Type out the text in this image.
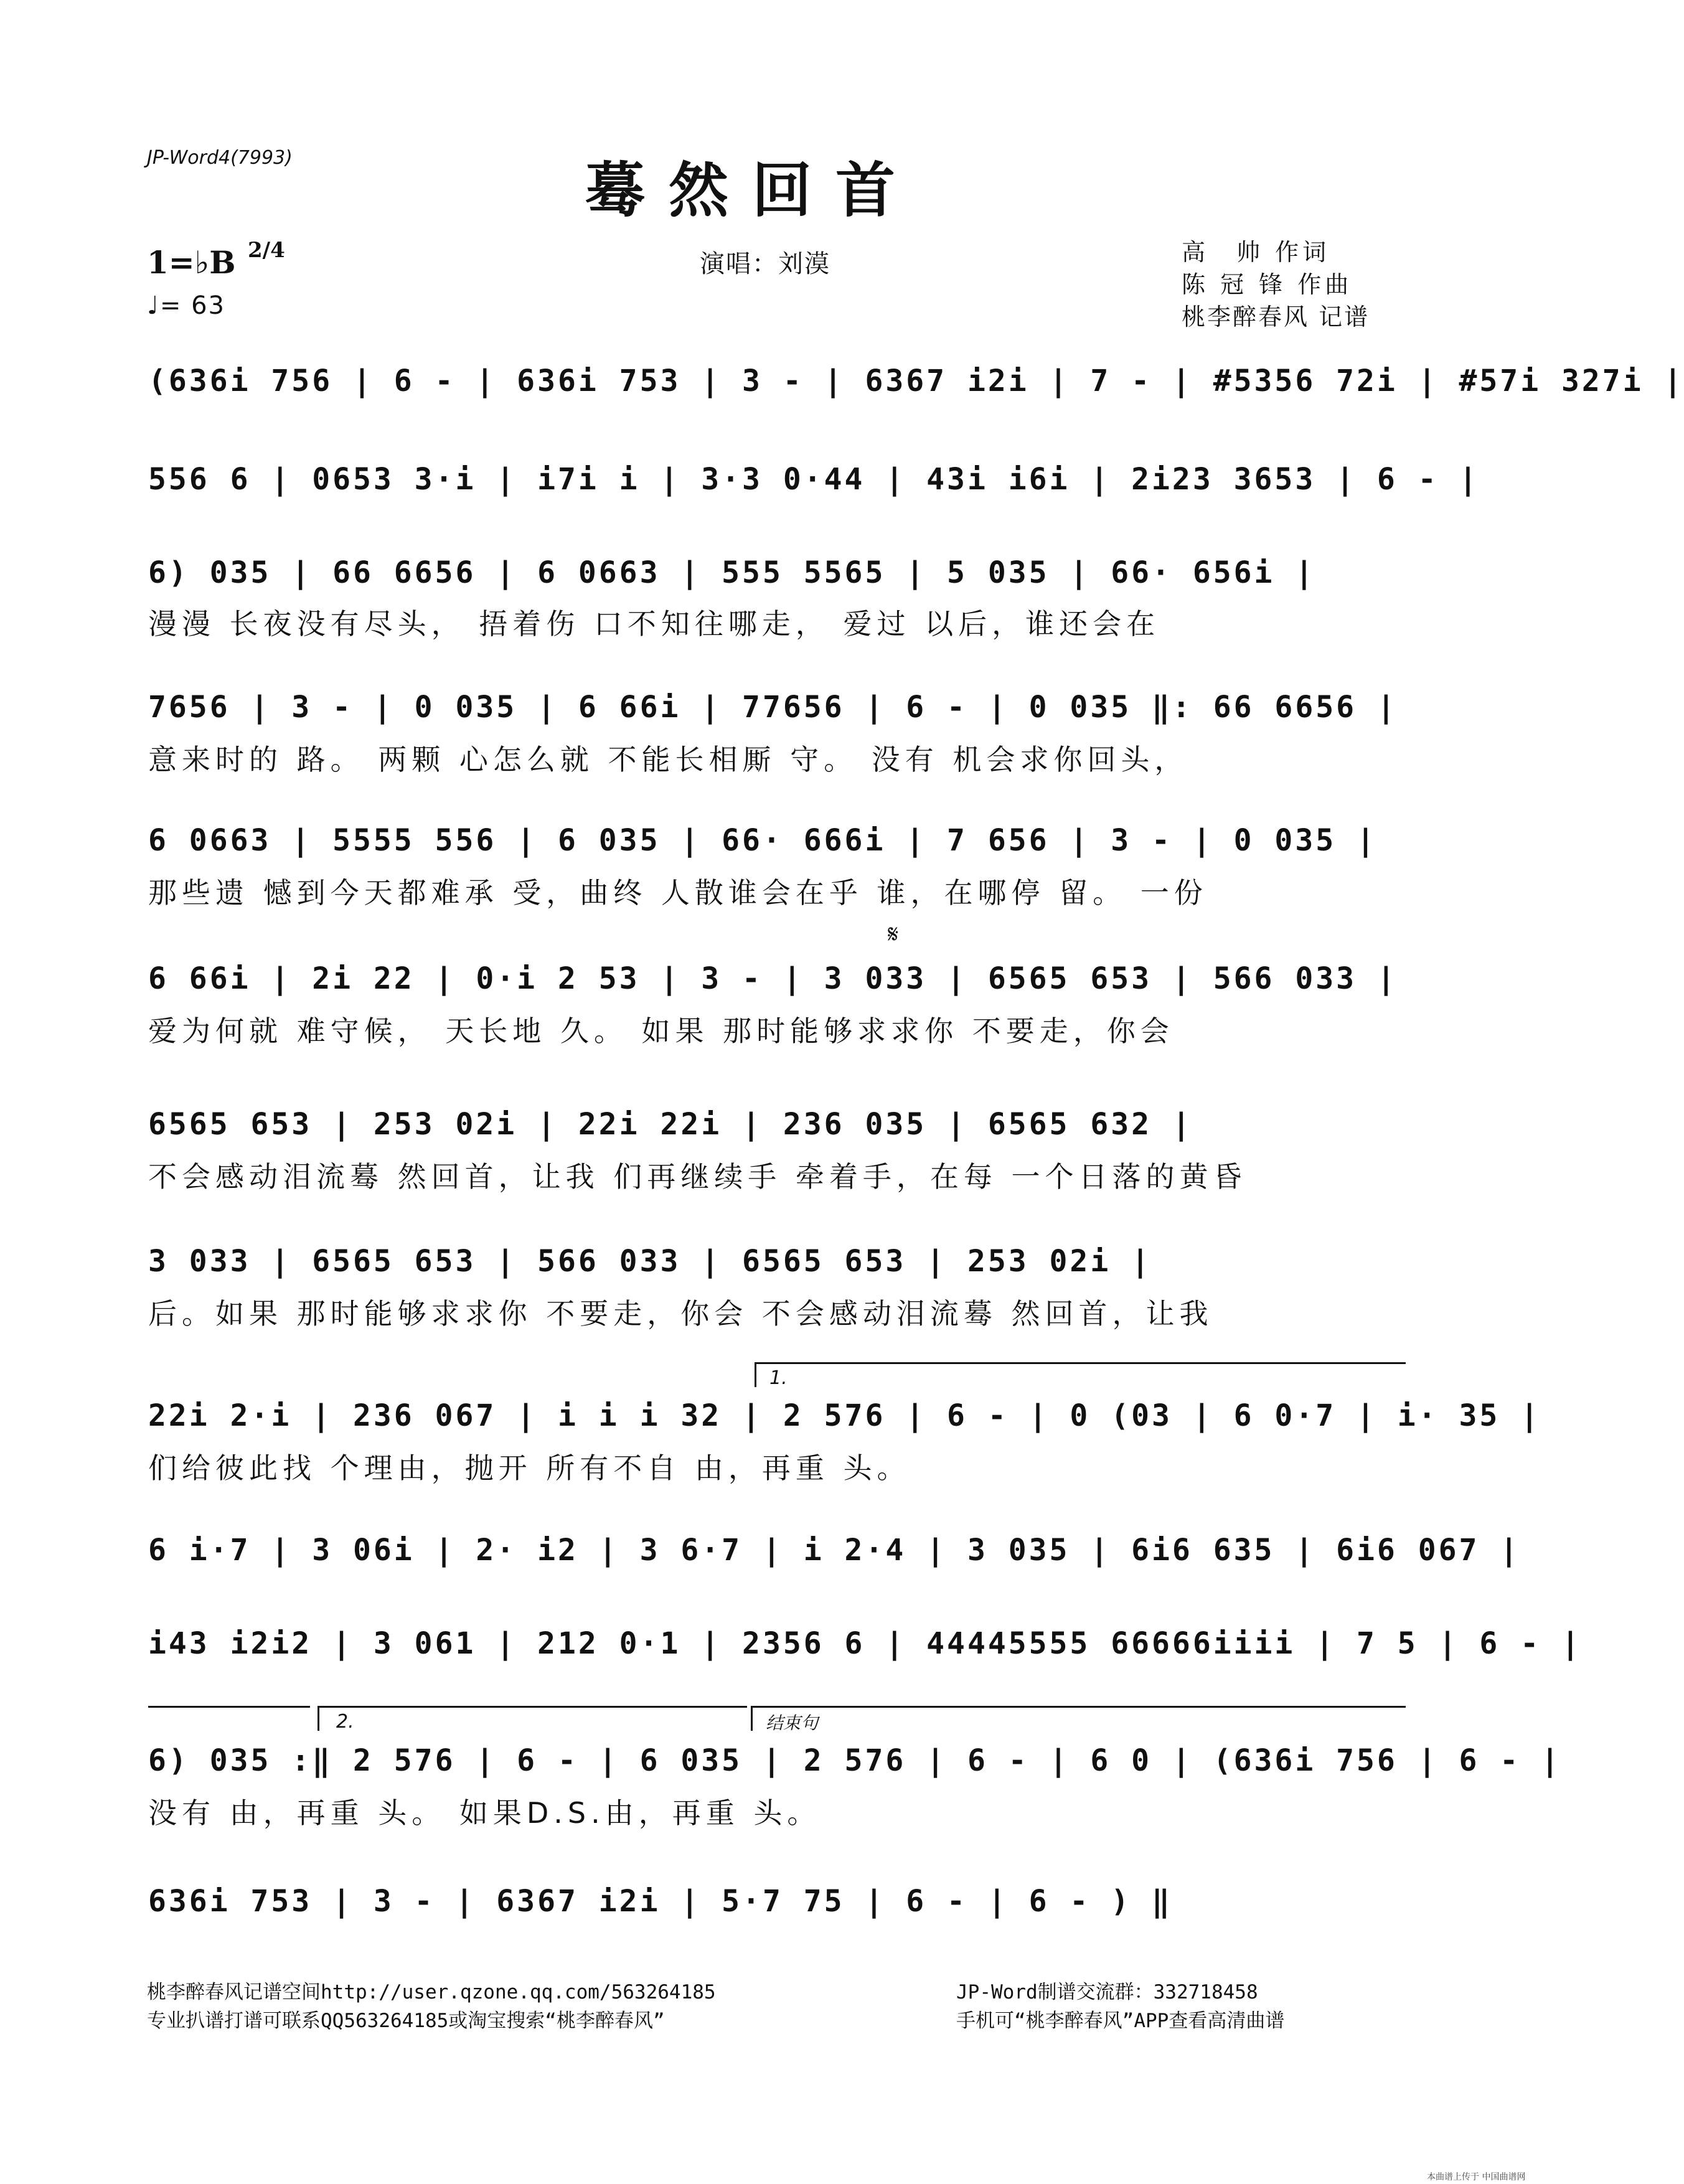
JP-Word4(7993)	蓦然回首
1=♭B 2/4
♩= 63
演唱：刘漠	高　帅 作词
陈 冠 锋 作曲
桃李醉春风 记谱
(636i 756 | 6 - | 636i 753 | 3 - | 6367 i2i | 7 - | #5356 72i | #57i 327i |
556 6 | 0653 3·i | i7i i | 3·3 0·44 | 43i i6i | 2i23 3653 | 6 - |
6) 035 | 66 6656 | 6 0663 | 555 5565 | 5 035 | 66· 656i |
漫漫 长夜没有尽头， 捂着伤 口不知往哪走， 爱过 以后，谁还会在
7656 | 3 - | 0 035 | 6 66i | 77656 | 6 - | 0 035 ‖: 66 6656 |
意来时的 路。 两颗 心怎么就 不能长相厮 守。 没有 机会求你回头，
6 0663 | 5555 556 | 6 035 | 66· 666i | 7 656 | 3 - | 0 035 |
那些遗 憾到今天都难承 受，曲终 人散谁会在乎 谁，在哪停 留。 一份
𝄋
6 66i | 2i 22 | 0·i 2 53 | 3 - | 3 033 | 6565 653 | 566 033 |
爱为何就 难守候， 天长地 久。 如果 那时能够求求你 不要走，你会
6565 653 | 253 02i | 22i 22i | 236 035 | 6565 632 |
不会感动泪流蓦 然回首，让我 们再继续手 牵着手，在每 一个日落的黄昏
3 033 | 6565 653 | 566 033 | 6565 653 | 253 02i |
后。如果 那时能够求求你 不要走，你会 不会感动泪流蓦 然回首，让我
1.
22i 2·i | 236 067 | i i i 32 | 2 576 | 6 - | 0 (03 | 6 0·7 | i· 35 |
们给彼此找 个理由，抛开 所有不自 由，再重 头。
6 i·7 | 3 06i | 2· i2 | 3 6·7 | i 2·4 | 3 035 | 6i6 635 | 6i6 067 |
i43 i2i2 | 3 061 | 212 0·1 | 2356 6 | 44445555 66666iiii | 7 5 | 6 - |
2.	结束句
6) 035 :‖ 2 576 | 6 - | 6 035 | 2 576 | 6 - | 6 0 | (636i 756 | 6 - |
没有 由，再重 头。 如果D.S.由，再重 头。
636i 753 | 3 - | 6367 i2i | 5·7 75 | 6 - | 6 - ) ‖
桃李醉春风记谱空间http://user.qzone.qq.com/563264185
专业扒谱打谱可联系QQ563264185或淘宝搜索“桃李醉春风”
JP-Word制谱交流群：332718458
手机可“桃李醉春风”APP查看高清曲谱
本曲谱上传于 中国曲谱网
